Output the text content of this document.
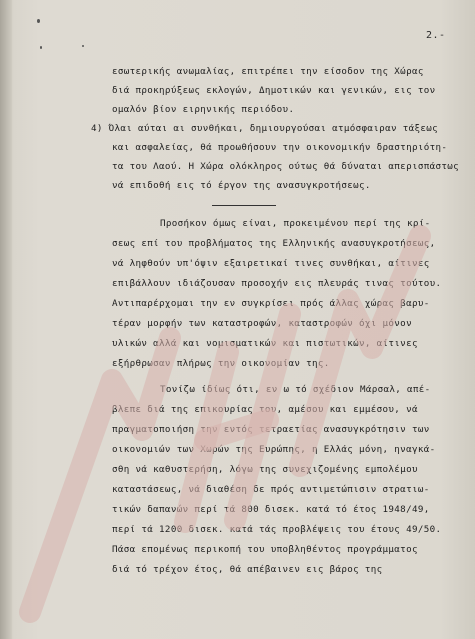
2.-
εσωτερικής ανωμαλίας, επιτρέπει την είσοδον της Χώρας
διά προκηρύξεως εκλογών, Δημοτικών και γενικών, εις τον
ομαλόν βίον ειρηνικής περιόδου.
4) Όλαι αύται αι συνθήκαι, δημιουργούσαι ατμόσφαιραν τάξεως
και ασφαλείας, θά προωθήσουν την οικονομικήν δραστηριότη-
τα του Λαού. Η Χώρα ολόκληρος ούτως θά δύναται απερισπάστως
νά επιδοθή εις τό έργον της ανασυγκροτήσεως.
Προσήκον όμως είναι, προκειμένου περί της κρί-
σεως επί του προβλήματος της Ελληνικής ανασυγκροτήσεως,
νά ληφθούν υπ'όψιν εξαιρετικαί τινες συνθήκαι, αίτινες
επιβάλλουν ιδιάζουσαν προσοχήν εις πλευράς τινας τούτου.
Αντιπαρέρχομαι την εν συγκρίσει πρός άλλας χώρας βαρυ-
τέραν μορφήν των καταστροφών, καταστροφών όχι μόνον
υλικών αλλά και νομισματικών και πιστωτικών, αίτινες
εξήρθρωσαν πλήρως την οικονομίαν της.
Τονίζω ίδίως ότι, εν ω τό σχέδιον Μάρσαλ, απέ-
βλεπε διά της επικουρίας του, αμέσου και εμμέσου, νά
πραγματοποιήση την εντός τετραετίας ανασυγκρότησιν των
οικονομιών των Χωρών της Ευρώπης, η Ελλάς μόνη, ηναγκά-
σθη νά καθυστερήση, λόγω της συνεχιζομένης εμπολέμου
καταστάσεως, νά διαθέση δε πρός αντιμετώπισιν στρατιω-
τικών δαπανών περί τά 800 δισεκ. κατά τό έτος 1948/49,
περί τά 1200 δισεκ. κατά τάς προβλέψεις του έτους 49/50.
Πάσα επομένως περικοπή του υποβληθέντος προγράμματος
διά τό τρέχον έτος, θά απέβαινεν εις βάρος της
